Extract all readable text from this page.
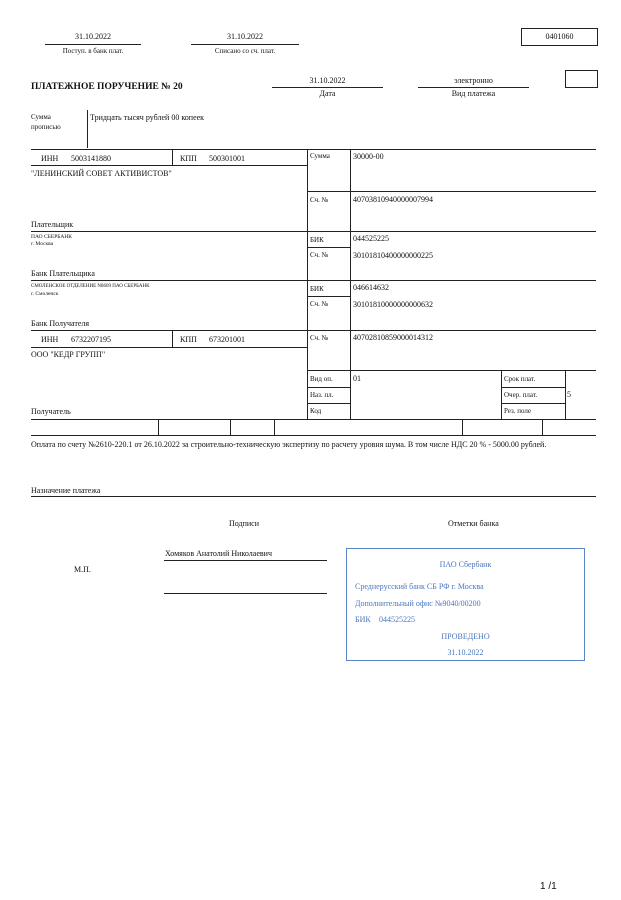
31.10.2022
Поступ. в банк плат.
31.10.2022
Списано со сч. плат.
0401060
ПЛАТЕЖНОЕ ПОРУЧЕНИЕ № 20
31.10.2022
Дата
электронно
Вид платежа
Сумма
прописью
Тридцать тысяч рублей 00 копеек
ИНН 5003141880	КПП 500301001
"ЛЕНИНСКИЙ СОВЕТ АКТИВИСТОВ"
Плательщик
Сумма	30000-00
Сч. №	40703810940000007994
ПАО СБЕРБАНК
г. Москва
Банк Плательщика
БИК	044525225
Сч. №	30101810400000000225
СМОЛЕНСКОЕ ОТДЕЛЕНИЕ N8609 ПАО СБЕРБАНК
г. Смоленск
Банк Получателя
БИК	046614632
Сч. №	30101810000000000632
ИНН 6732207195	КПП 673201001	Сч. №	40702810859000014312
ООО "КЕДР ГРУПП"
Получатель
Вид оп.	01
Наз. пл.
Код
Срок плат.
Очер. плат.	5
Рез. поле
Оплата по счету №2610-220.1 от 26.10.2022 за строительно-техническую экспертизу по расчету уровня шума. В том числе НДС 20 % - 5000.00 рублей.
Назначение платежа
Подписи	Отметки банка
Хомяков Анатолий Николаевич
М.П.
ПАО Сбербанк
Среднерусский банк СБ РФ г. Москва
Дополнительный офис №9040/00200
БИК 044525225
ПРОВЕДЕНО
31.10.2022
1 /1
